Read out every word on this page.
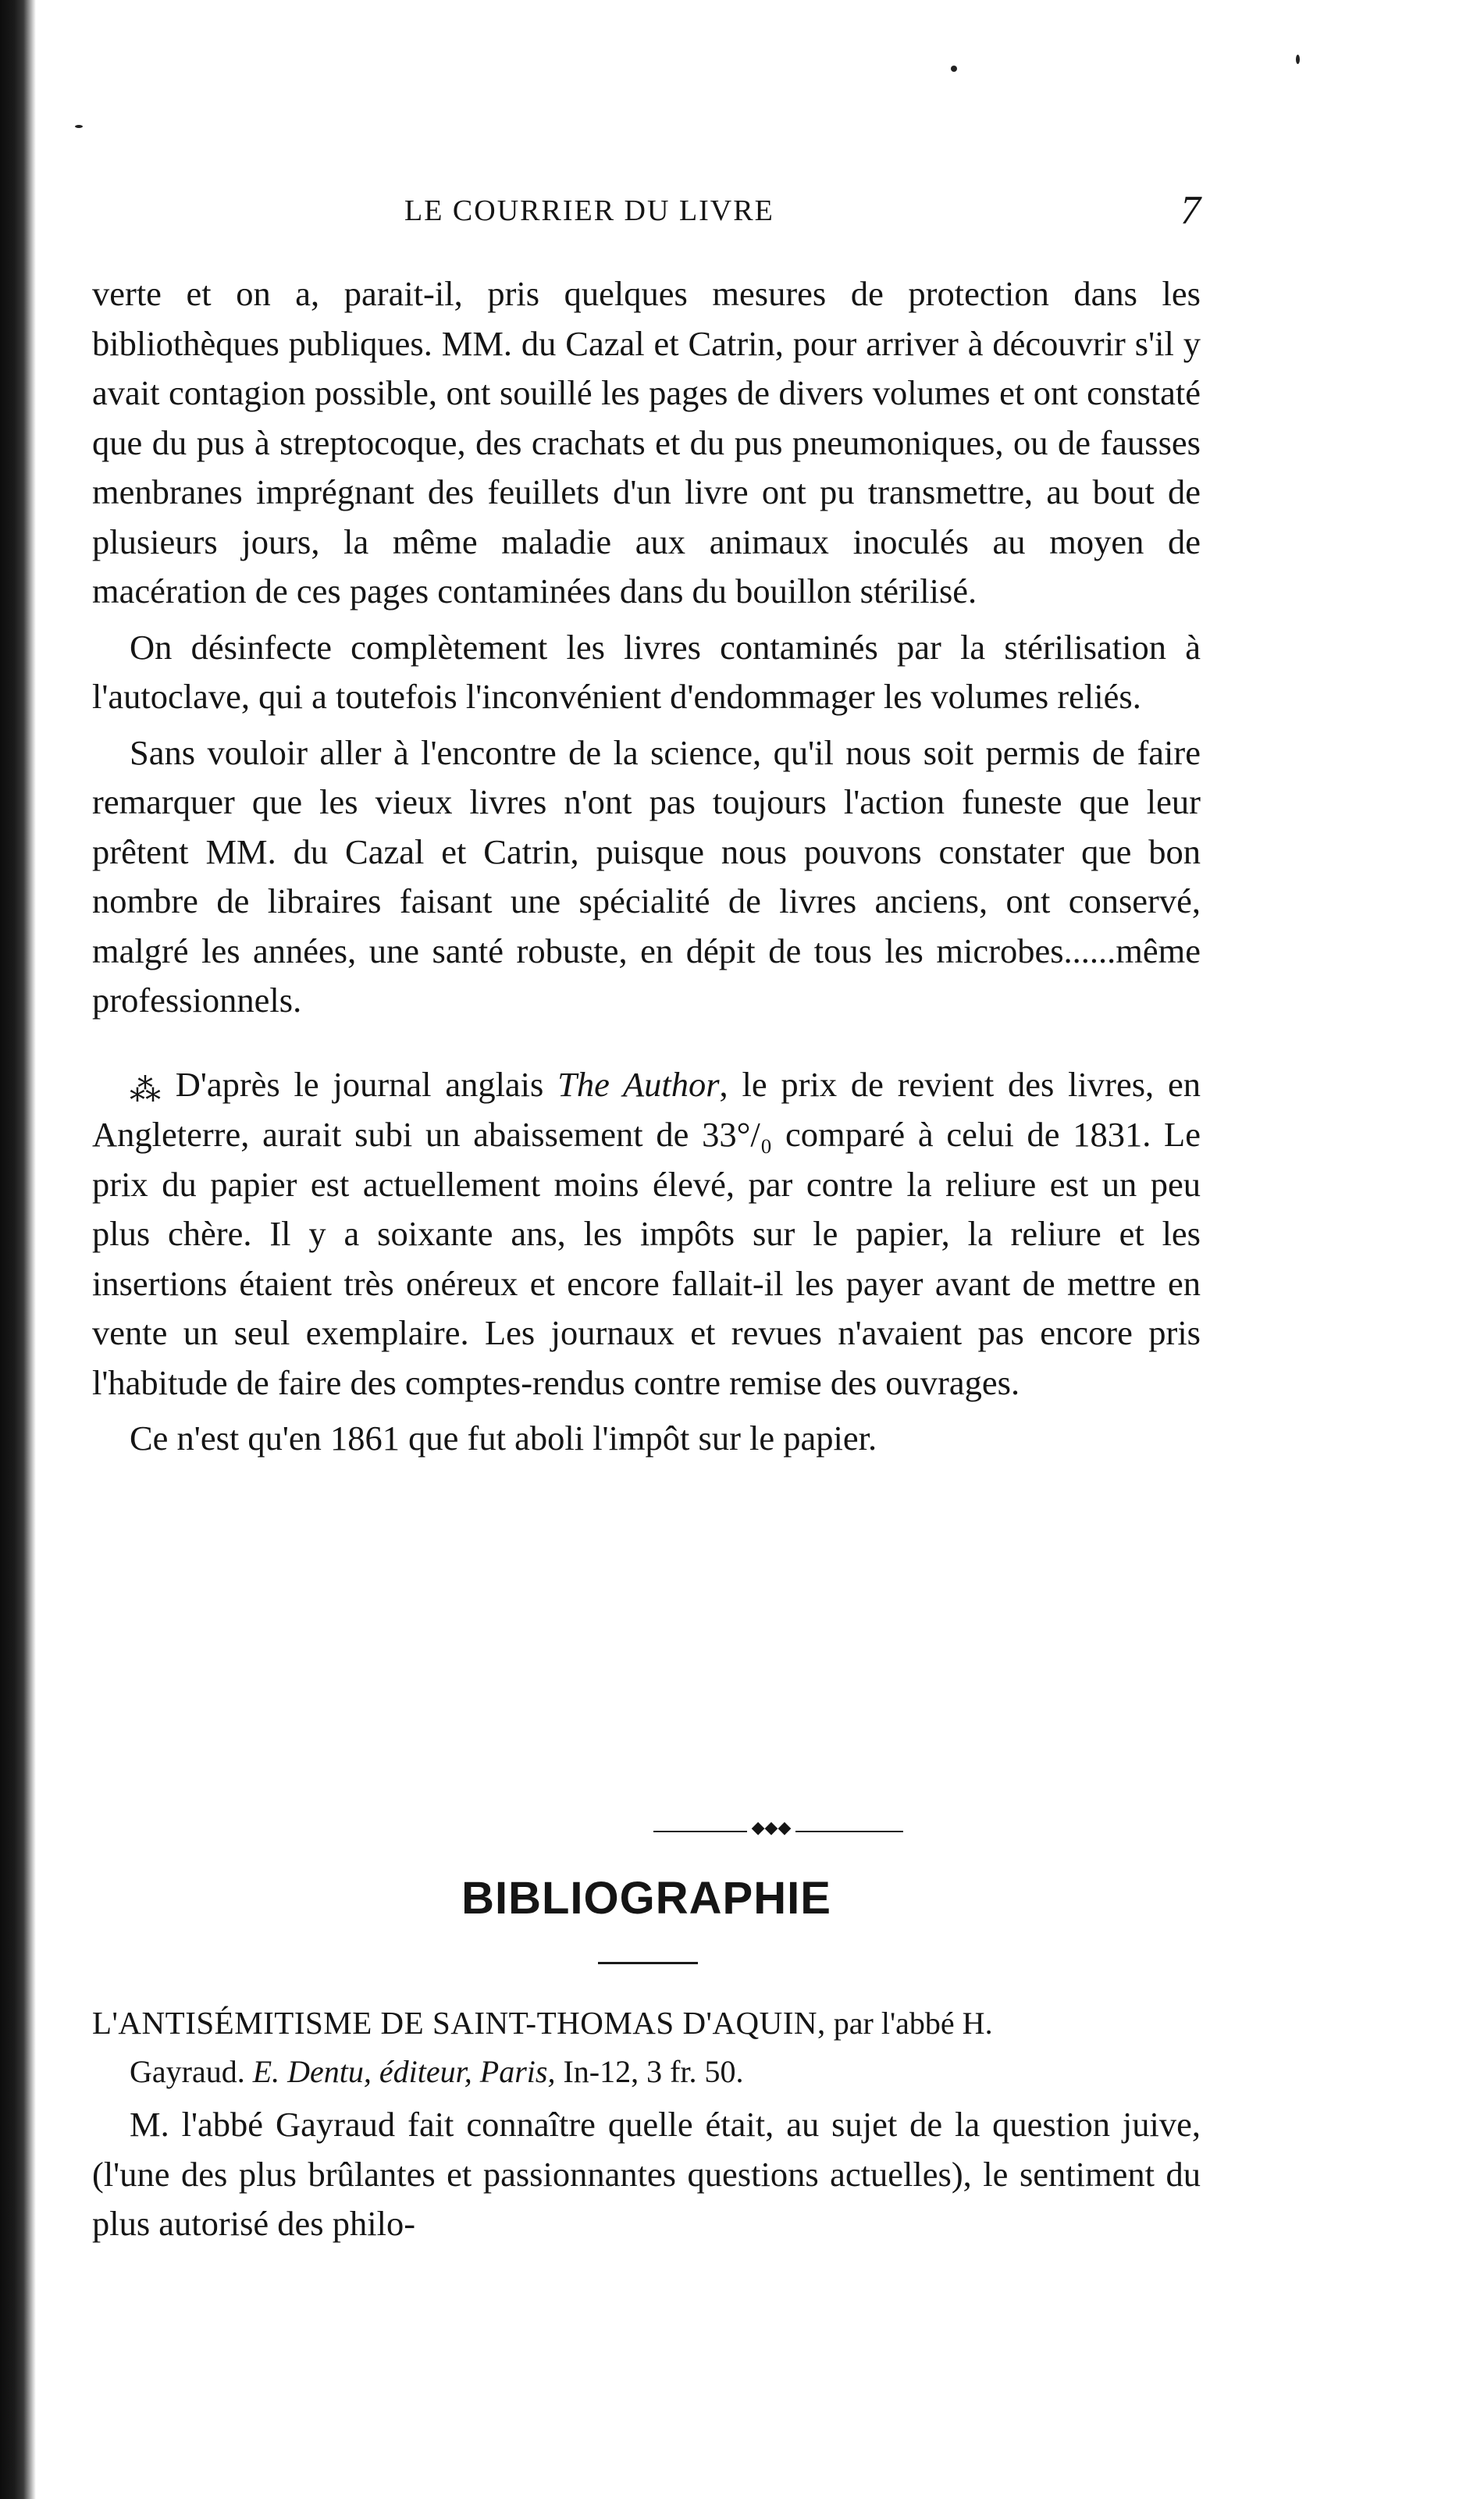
LE COURRIER DU LIVRE	7

verte et on a, parait-il, pris quelques mesures de protection dans les bibliothèques publiques. MM. du Cazal et Catrin, pour arriver à découvrir s'il y avait contagion possible, ont souillé les pages de divers volumes et ont constaté que du pus à streptocoque, des crachats et du pus pneumoniques, ou de fausses menbranes imprégnant des feuillets d'un livre ont pu transmettre, au bout de plusieurs jours, la même maladie aux animaux inoculés au moyen de macération de ces pages contaminées dans du bouillon stérilisé.

On désinfecte complètement les livres contaminés par la stérilisation à l'autoclave, qui a toutefois l'inconvénient d'endommager les volumes reliés.

Sans vouloir aller à l'encontre de la science, qu'il nous soit permis de faire remarquer que les vieux livres n'ont pas toujours l'action funeste que leur prêtent MM. du Cazal et Catrin, puisque nous pouvons constater que bon nombre de libraires faisant une spécialité de livres anciens, ont conservé, malgré les années, une santé robuste, en dépit de tous les microbes......même professionnels.

⁂ D'après le journal anglais The Author, le prix de revient des livres, en Angleterre, aurait subi un abaissement de 33°/₀ comparé à celui de 1831. Le prix du papier est actuellement moins élevé, par contre la reliure est un peu plus chère. Il y a soixante ans, les impôts sur le papier, la reliure et les insertions étaient très onéreux et encore fallait-il les payer avant de mettre en vente un seul exemplaire. Les journaux et revues n'avaient pas encore pris l'habitude de faire des comptes-rendus contre remise des ouvrages.

Ce n'est qu'en 1861 que fut aboli l'impôt sur le papier.

◆◆◆
BIBLIOGRAPHIE
L'ANTISÉMITISME DE SAINT-THOMAS D'AQUIN, par l'abbé H.
Gayraud. E. Dentu, éditeur, Paris, In-12, 3 fr. 50.

M. l'abbé Gayraud fait connaître quelle était, au sujet de la question juive, (l'une des plus brûlantes et passionnantes questions actuelles), le sentiment du plus autorisé des philo-
